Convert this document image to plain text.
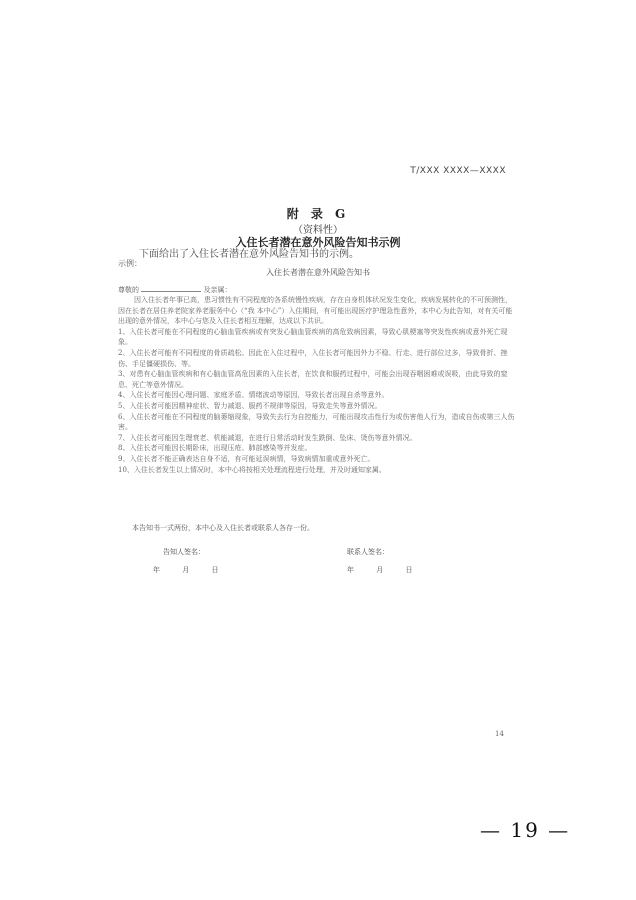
T/XXX XXXX—XXXX
附 录 G
（资料性）
入住长者潜在意外风险告知书示例
下面给出了入住长者潜在意外风险告知书的示例。
示例：
入住长者潜在意外风险告知书
尊敬的	及亲属：

因入住长者年事已高，患习惯性有不同程度的各系统慢性疾病，存在自身机体状况发生变化，疾病发展转化的不可预测性，因在长者在居住养老院家养老服务中心（“我 本中心”）入住期间，有可能出现医疗护理急性意外，本中心为此告知，对有关可能出现的意外情况，本中心与您及入住长者相互理解，达成以下共识。

1、入住长者可能在不同程度的心脑血管疾病或有突发心脑血管疾病的高危致病因素，导致心肌梗塞等突发性疾病或意外死亡现象。

2、入住长者可能有不同程度的骨质疏松。因此在入住过程中，入住长者可能因外力不稳、行走、进行部位过多，导致骨折、挫伤、手足僵硬损伤、等。

3、对患有心脑血管疾病和有心脑血管高危因素的入住长者，在饮食和服药过程中，可能会出现吞咽困难或误吸，由此导致的窒息、死亡等意外情况。

4、入住长者可能因心理问题、家庭矛盾、情绪波动等原因，导致长者出现自杀等意外。

5、入住长者可能因精神症状、智力减退、服药不规律等原因，导致走失等意外情况。

6、入住长者可能在不同程度的脑萎缩现象，导致失去行为自控能力，可能出现攻击性行为或伤害他人行为，造成自伤或第三人伤害。

7、入住长者可能因生理衰老、机能减退，在进行日常活动时发生跌倒、坠床、烫伤等意外情况。

8、入住长者可能因长期卧床，出现压疮、肺部感染等并发症。

9、入住长者不能正确表达自身不适，有可能延误病情，导致病情加重或意外死亡。

10、入住长者发生以上情况时，本中心将按相关处理流程进行处理，并及时通知家属。

本告知书一式两份，本中心及入住长者或联系人各存一份。
告知人签名：	联系人签名：
年 月 日	年 月 日
14
— 19 —
